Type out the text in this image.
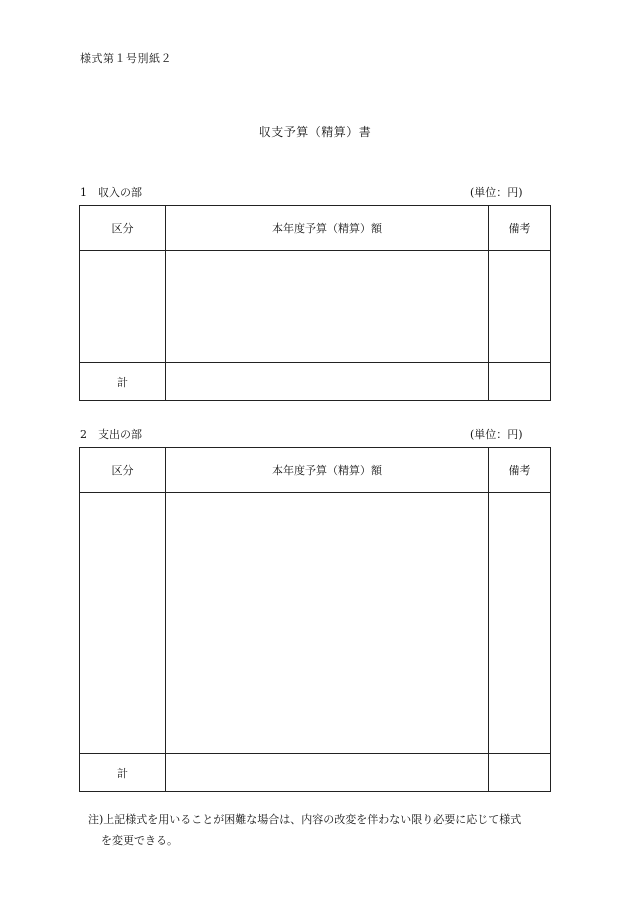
様式第１号別紙２
収支予算（精算）書
1　収入の部	(単位：円)
区分	本年度予算（精算）額	備考

計		
2　支出の部	(単位：円)
区分	本年度予算（精算）額	備考

計		
注)上記様式を用いることが困難な場合は、内容の改変を伴わない限り必要に応じて様式
を変更できる。
